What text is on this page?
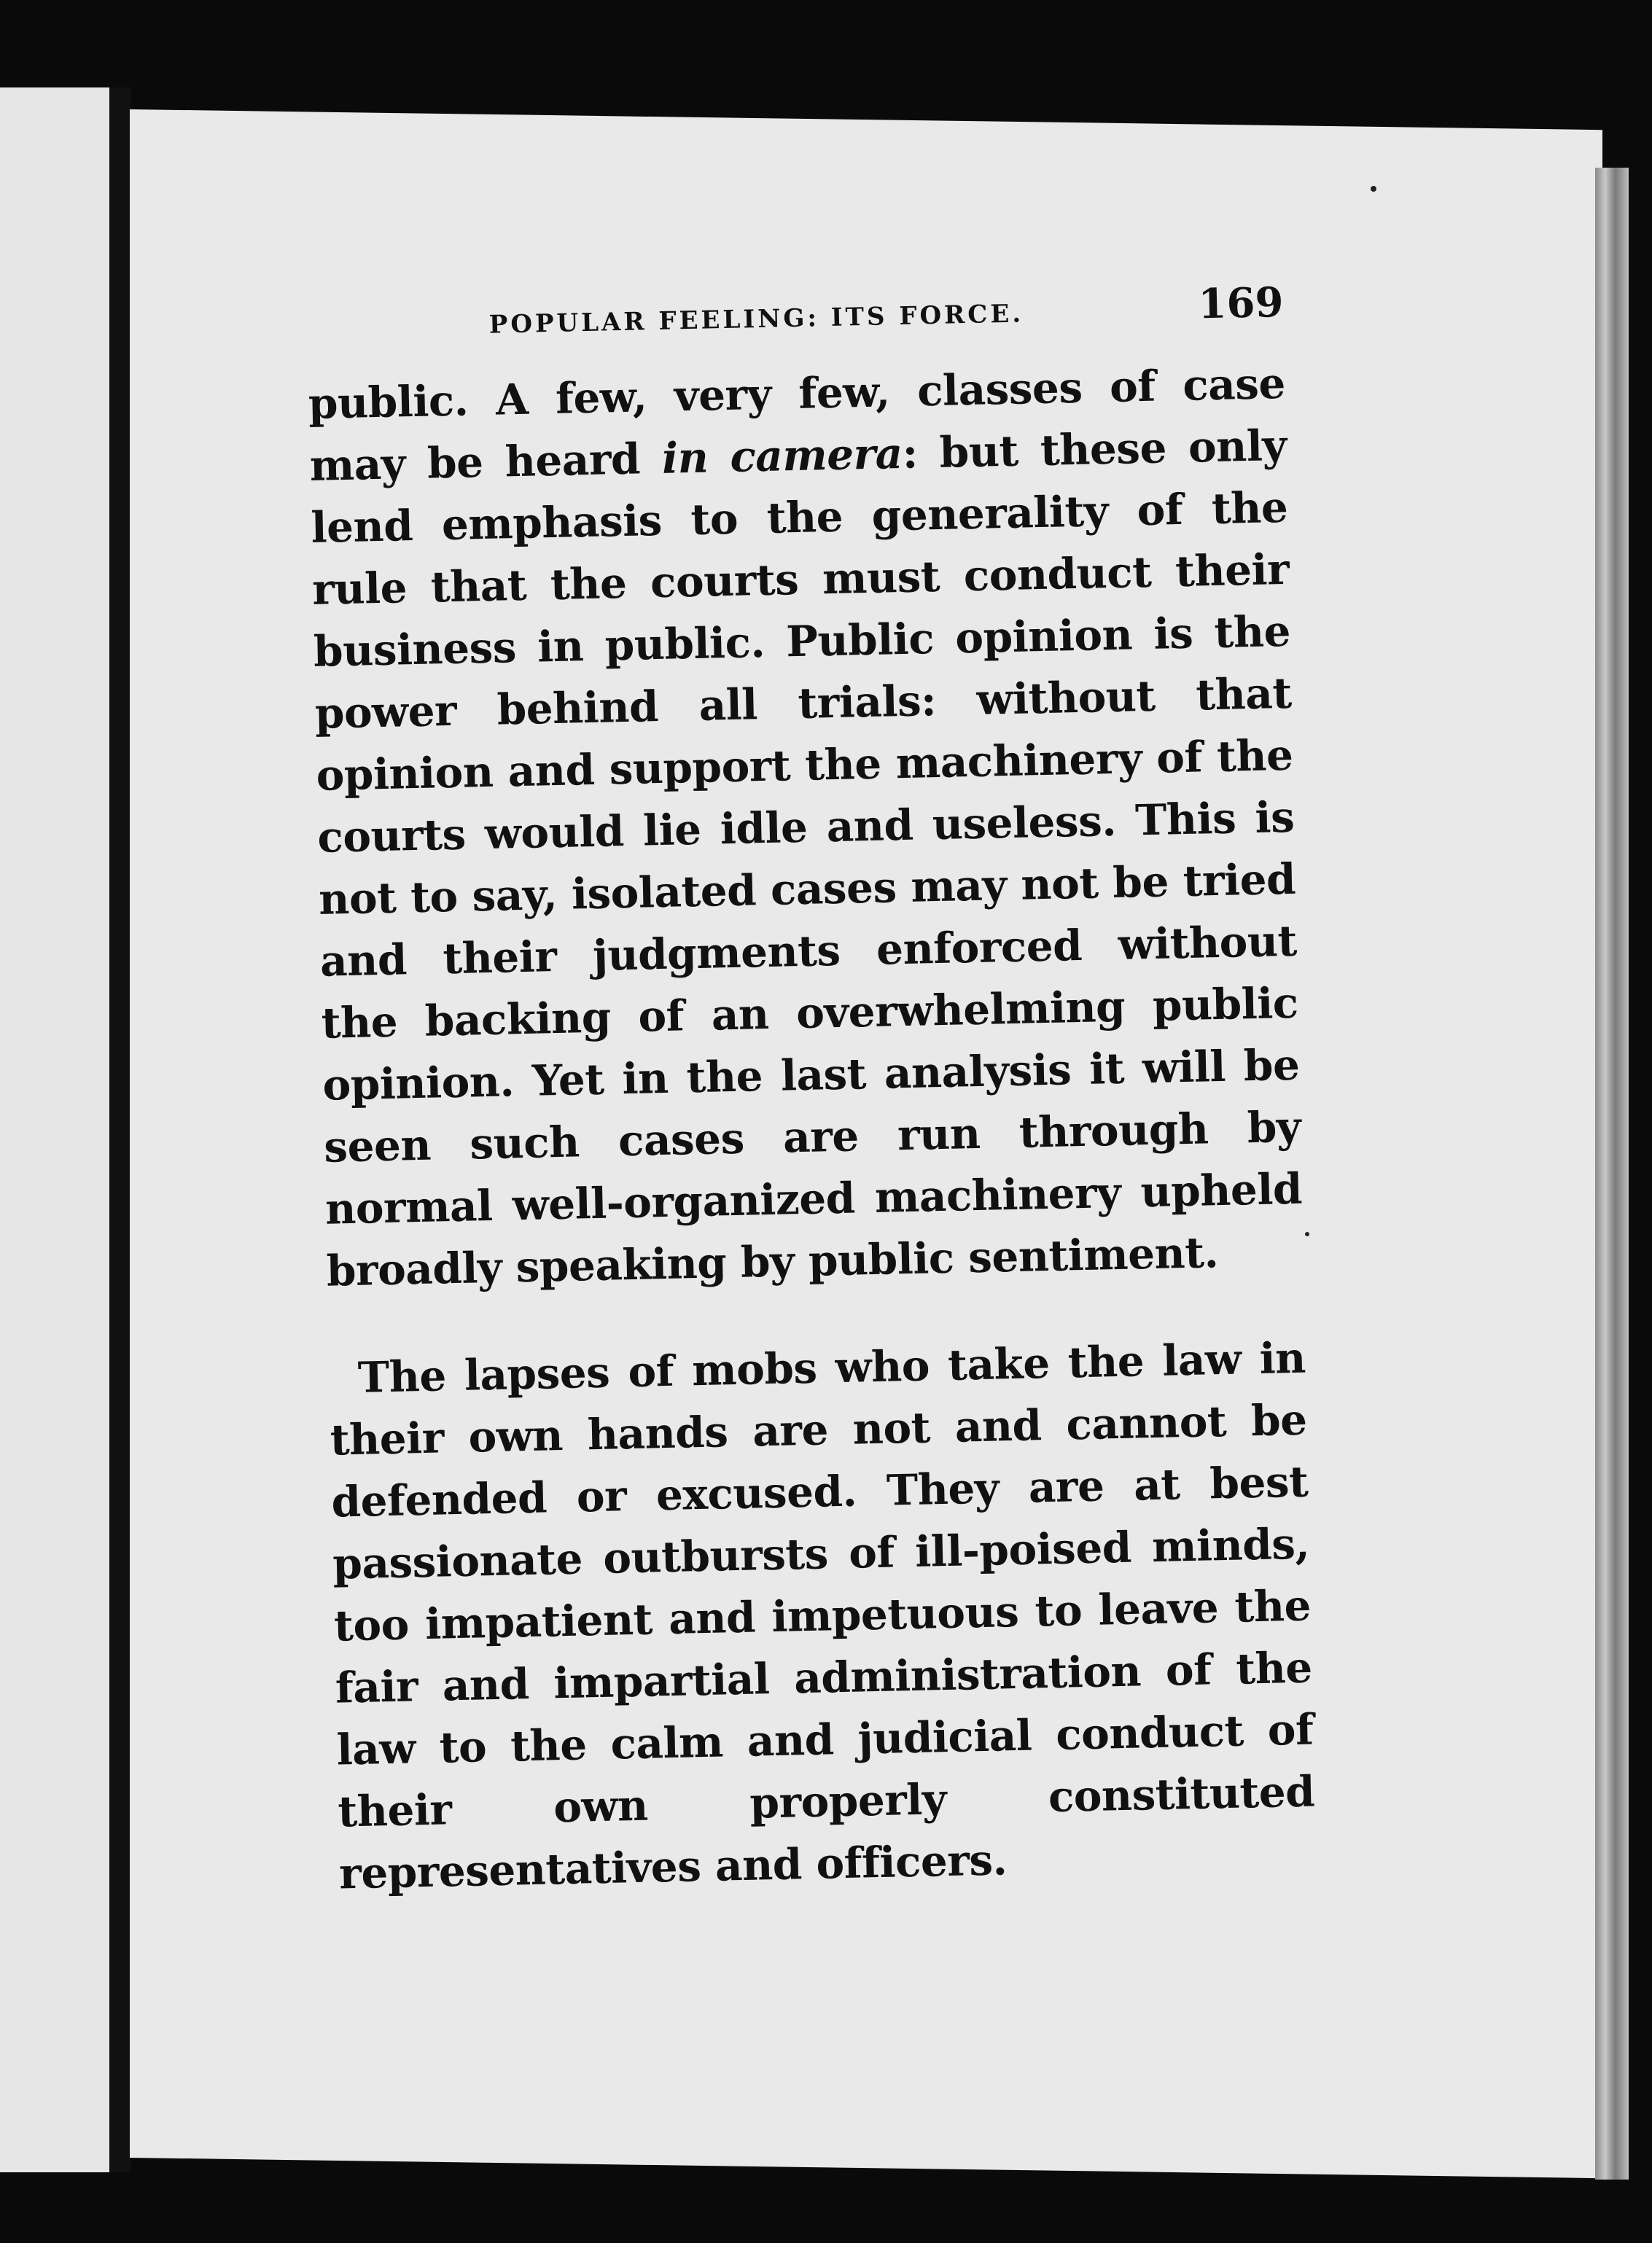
POPULAR FEELING: ITS FORCE.	169

public. A few, very few, classes of case may be heard in camera: but these only lend emphasis to the generality of the rule that the courts must conduct their business in public. Public opinion is the power behind all trials: without that opinion and support the machinery of the courts would lie idle and useless. This is not to say, isolated cases may not be tried and their judgments enforced without the backing of an overwhelming public opinion. Yet in the last analysis it will be seen such cases are run through by normal well-organized machinery upheld broadly speaking by public sentiment.

The lapses of mobs who take the law in their own hands are not and cannot be defended or excused. They are at best passionate outbursts of ill-poised minds, too impatient and impetuous to leave the fair and impartial administration of the law to the calm and judicial conduct of their own properly constituted representatives and officers.
